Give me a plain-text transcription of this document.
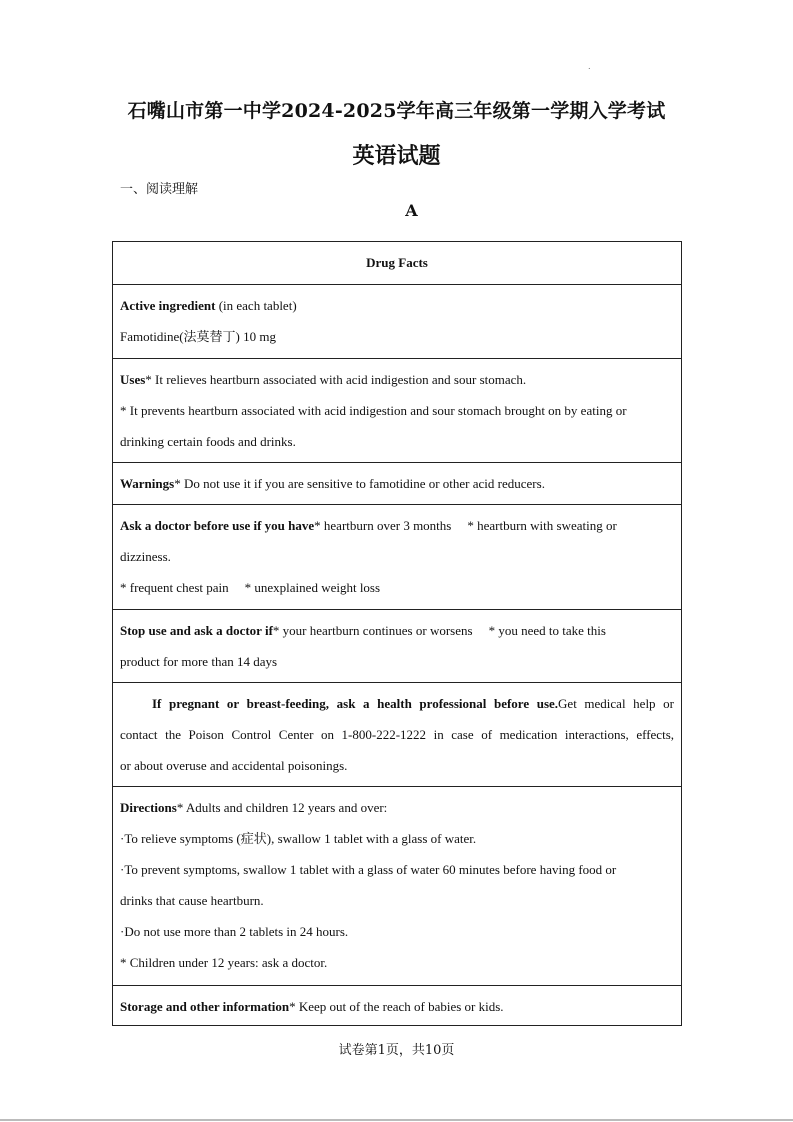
.
石嘴山市第一中学2024-2025学年高三年级第一学期入学考试
英语试题
一、阅读理解
A
Drug Facts
Active ingredient (in each tablet)
Famotidine(法莫替丁) 10 mg
Uses* It relieves heartburn associated with acid indigestion and sour stomach.
* It prevents heartburn associated with acid indigestion and sour stomach brought on by eating or
drinking certain foods and drinks.
Warnings* Do not use it if you are sensitive to famotidine or other acid reducers.
Ask a doctor before use if you have* heartburn over 3 months * heartburn with sweating or
dizziness.
* frequent chest pain * unexplained weight loss
Stop use and ask a doctor if* your heartburn continues or worsens * you need to take this
product for more than 14 days
If pregnant or breast-feeding, ask a health professional before use.Get medical help or
contact the Poison Control Center on 1-800-222-1222 in case of medication interactions, effects,
or about overuse and accidental poisonings.
Directions* Adults and children 12 years and over:
·To relieve symptoms (症状), swallow 1 tablet with a glass of water.
·To prevent symptoms, swallow 1 tablet with a glass of water 60 minutes before having food or
drinks that cause heartburn.
·Do not use more than 2 tablets in 24 hours.
* Children under 12 years: ask a doctor.
Storage and other information* Keep out of the reach of babies or kids.
试卷第1页，共10页
